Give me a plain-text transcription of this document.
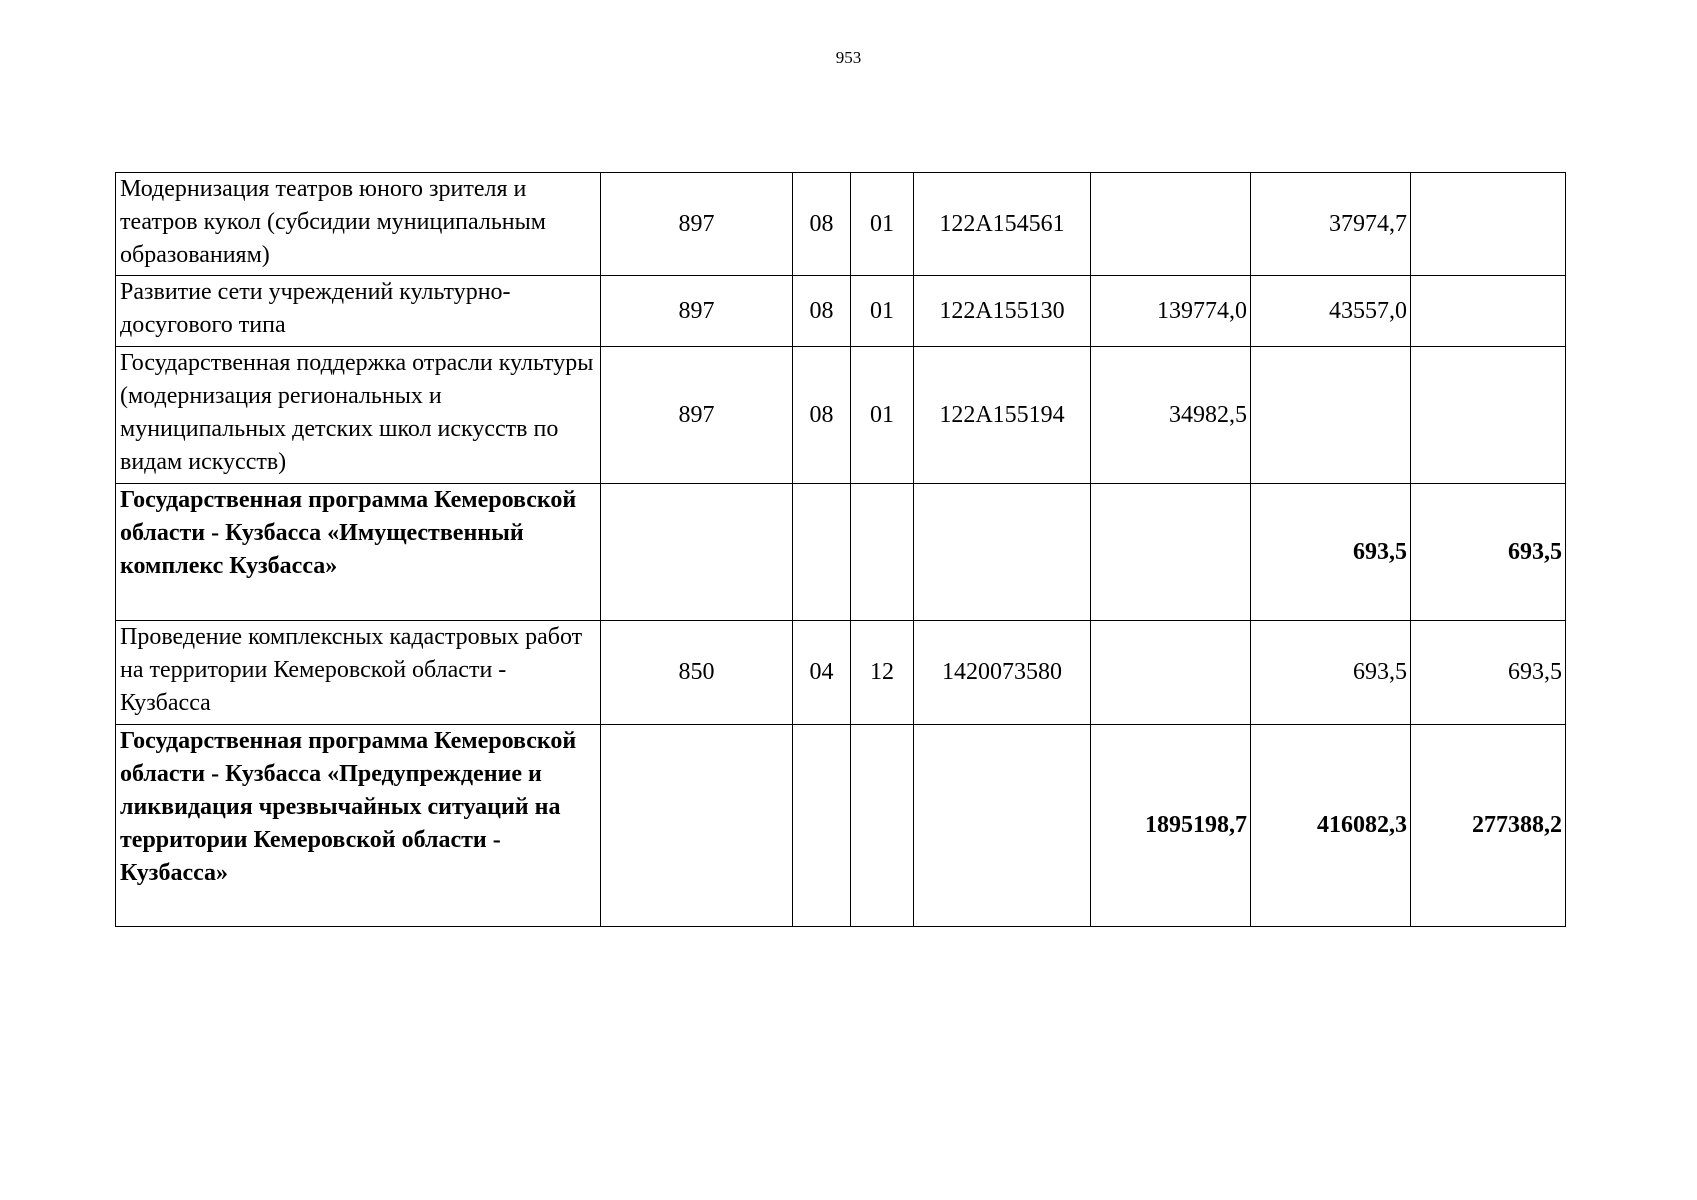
953
Модернизация театров юного зрителя и театров кукол (субсидии муниципальным образованиям)	897	08	01	122А154561		37974,7	
Развитие сети учреждений культурно-досугового типа	897	08	01	122А155130	139774,0	43557,0	
Государственная поддержка отрасли культуры (модернизация региональных и муниципальных детских школ искусств по видам искусств)	897	08	01	122А155194	34982,5		
Государственная программа Кемеровской области - Кузбасса «Имущественный комплекс Кузбасса»						693,5	693,5
Проведение комплексных кадастровых работ на территории Кемеровской области - Кузбасса	850	04	12	1420073580		693,5	693,5
Государственная программа Кемеровской области - Кузбасса «Предупреждение и ликвидация чрезвычайных ситуаций на территории Кемеровской области - Кузбасса»					1895198,7	416082,3	277388,2
